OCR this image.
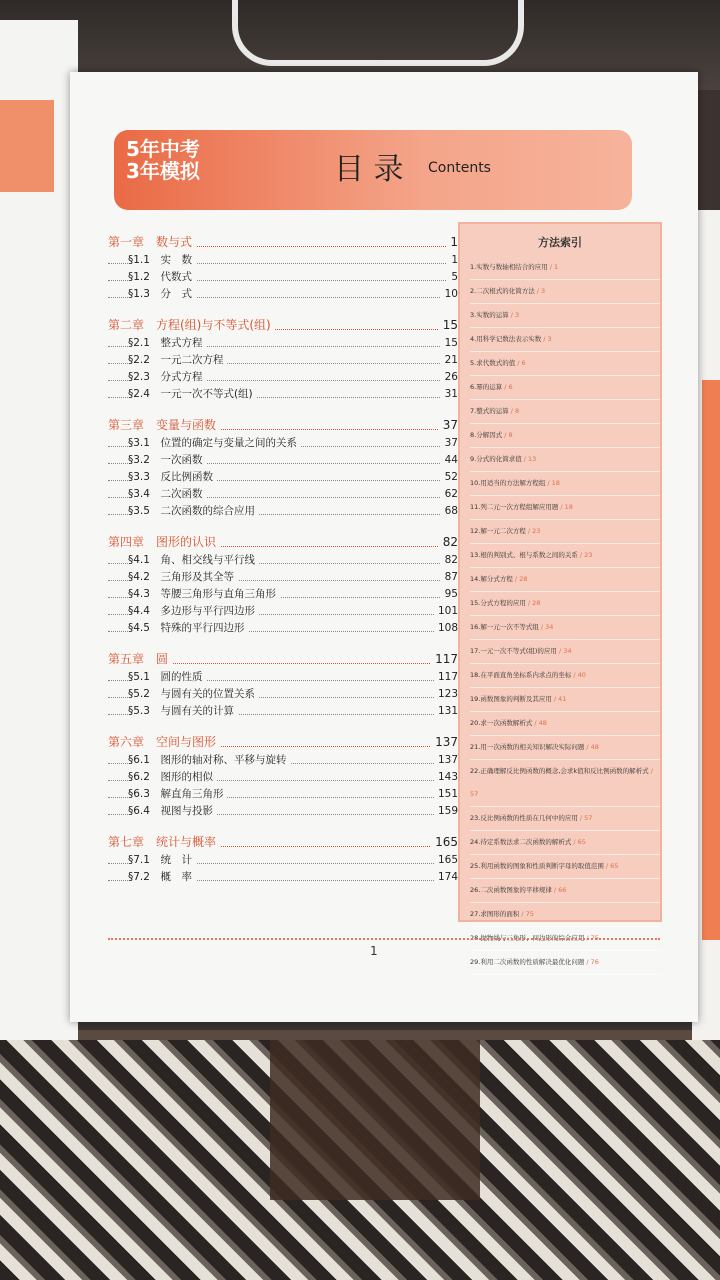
5年中考
3年模拟	目 录 Contents
第一章　数与式	1
§1.1　实　数	1
§1.2　代数式	5
§1.3　分　式	10
第二章　方程(组)与不等式(组)	15
§2.1　整式方程	15
§2.2　一元二次方程	21
§2.3　分式方程	26
§2.4　一元一次不等式(组)	31
第三章　变量与函数	37
§3.1　位置的确定与变量之间的关系	37
§3.2　一次函数	44
§3.3　反比例函数	52
§3.4　二次函数	62
§3.5　二次函数的综合应用	68
第四章　图形的认识	82
§4.1　角、相交线与平行线	82
§4.2　三角形及其全等	87
§4.3　等腰三角形与直角三角形	95
§4.4　多边形与平行四边形	101
§4.5　特殊的平行四边形	108
第五章　圆	117
§5.1　圆的性质	117
§5.2　与圆有关的位置关系	123
§5.3　与圆有关的计算	131
第六章　空间与图形	137
§6.1　图形的轴对称、平移与旋转	137
§6.2　图形的相似	143
§6.3　解直角三角形	151
§6.4　视图与投影	159
第七章　统计与概率	165
§7.1　统　计	165
§7.2　概　率	174
方法索引
1.实数与数轴相结合的应用 / 1
2.二次根式的化简方法 / 3
3.实数的运算 / 3
4.用科学记数法表示实数 / 3
5.求代数式的值 / 6
6.幂的运算 / 6
7.整式的运算 / 8
8.分解因式 / 8
9.分式的化简求值 / 13
10.用适当的方法解方程组 / 18
11.列二元一次方程组解应用题 / 18
12.解一元二次方程 / 23
13.根的判别式、根与系数之间的关系 / 23
14.解分式方程 / 28
15.分式方程的应用 / 28
16.解一元一次不等式组 / 34
17.一元一次不等式(组)的应用 / 34
18.在平面直角坐标系内求点的坐标 / 40
19.函数图象的判断及其应用 / 41
20.求一次函数解析式 / 48
21.用一次函数的相关知识解决实际问题 / 48
22.正确理解反比例函数的概念,会求k值和反比例函数的解析式 / 57
23.反比例函数的性质在几何中的应用 / 57
24.待定系数法求二次函数的解析式 / 65
25.利用函数的图象和性质判断字母的取值范围 / 65
26.二次函数图象的平移规律 / 66
27.求图形的面积 / 75
28.抛物线与三角形、四边形的综合应用 / 75
29.利用二次函数的性质解决最优化问题 / 76
1
